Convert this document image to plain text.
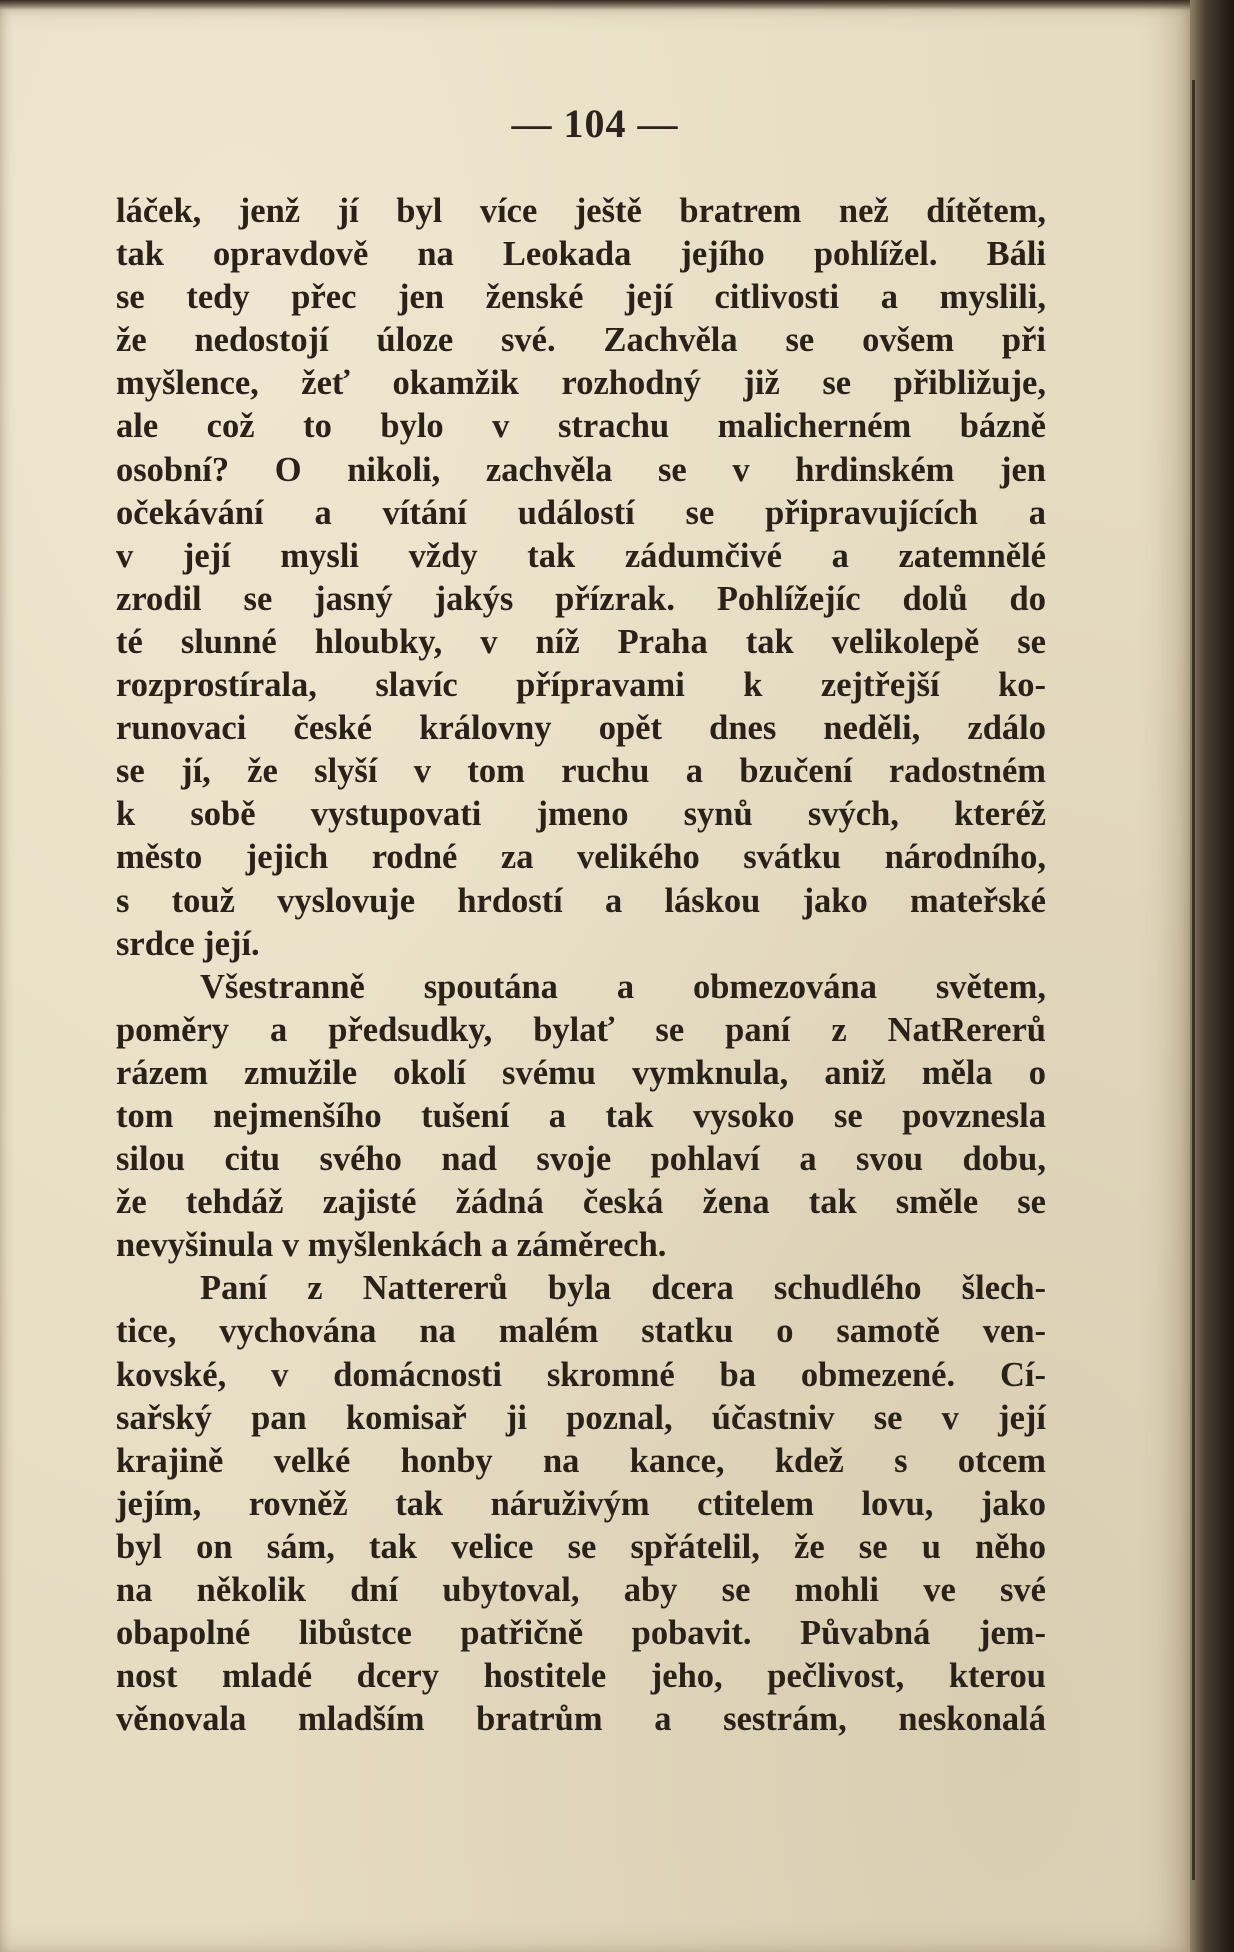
— 104 —
láček, jenž jí byl více ještě bratrem než dítětem,
tak opravdově na Leokada jejího pohlížel. Báli
se tedy přec jen ženské její citlivosti a myslili,
že nedostojí úloze své. Zachvěla se ovšem při
myšlence, žeť okamžik rozhodný již se přibližuje,
ale což to bylo v strachu malicherném bázně
osobní? O nikoli, zachvěla se v hrdinském jen
očekávání a vítání událostí se připravujících a
v její mysli vždy tak zádumčivé a zatemnělé
zrodil se jasný jakýs přízrak. Pohlížejíc dolů do
té slunné hloubky, v níž Praha tak velikolepě se
rozprostírala, slavíc přípravami k zejtřejší ko-
runovaci české královny opět dnes neděli, zdálo
se jí, že slyší v tom ruchu a bzučení radostném
k sobě vystupovati jmeno synů svých, kteréž
město jejich rodné za velikého svátku národního,
s touž vyslovuje hrdostí a láskou jako mateřské
srdce její.
Všestranně spoutána a obmezována světem,
poměry a předsudky, bylať se paní z NatRererů
rázem zmužile okolí svému vymknula, aniž měla o
tom nejmenšího tušení a tak vysoko se povznesla
silou citu svého nad svoje pohlaví a svou dobu,
že tehdáž zajisté žádná česká žena tak směle se
nevyšinula v myšlenkách a záměrech.
Paní z Nattererů byla dcera schudlého šlech-
tice, vychována na malém statku o samotě ven-
kovské, v domácnosti skromné ba obmezené. Cí-
sařský pan komisař ji poznal, účastniv se v její
krajině velké honby na kance, kdež s otcem
jejím, rovněž tak náruživým ctitelem lovu, jako
byl on sám, tak velice se spřátelil, že se u něho
na několik dní ubytoval, aby se mohli ve své
obapolné libůstce patřičně pobavit. Půvabná jem-
nost mladé dcery hostitele jeho, pečlivost, kterou
věnovala mladším bratrům a sestrám, neskonalá
